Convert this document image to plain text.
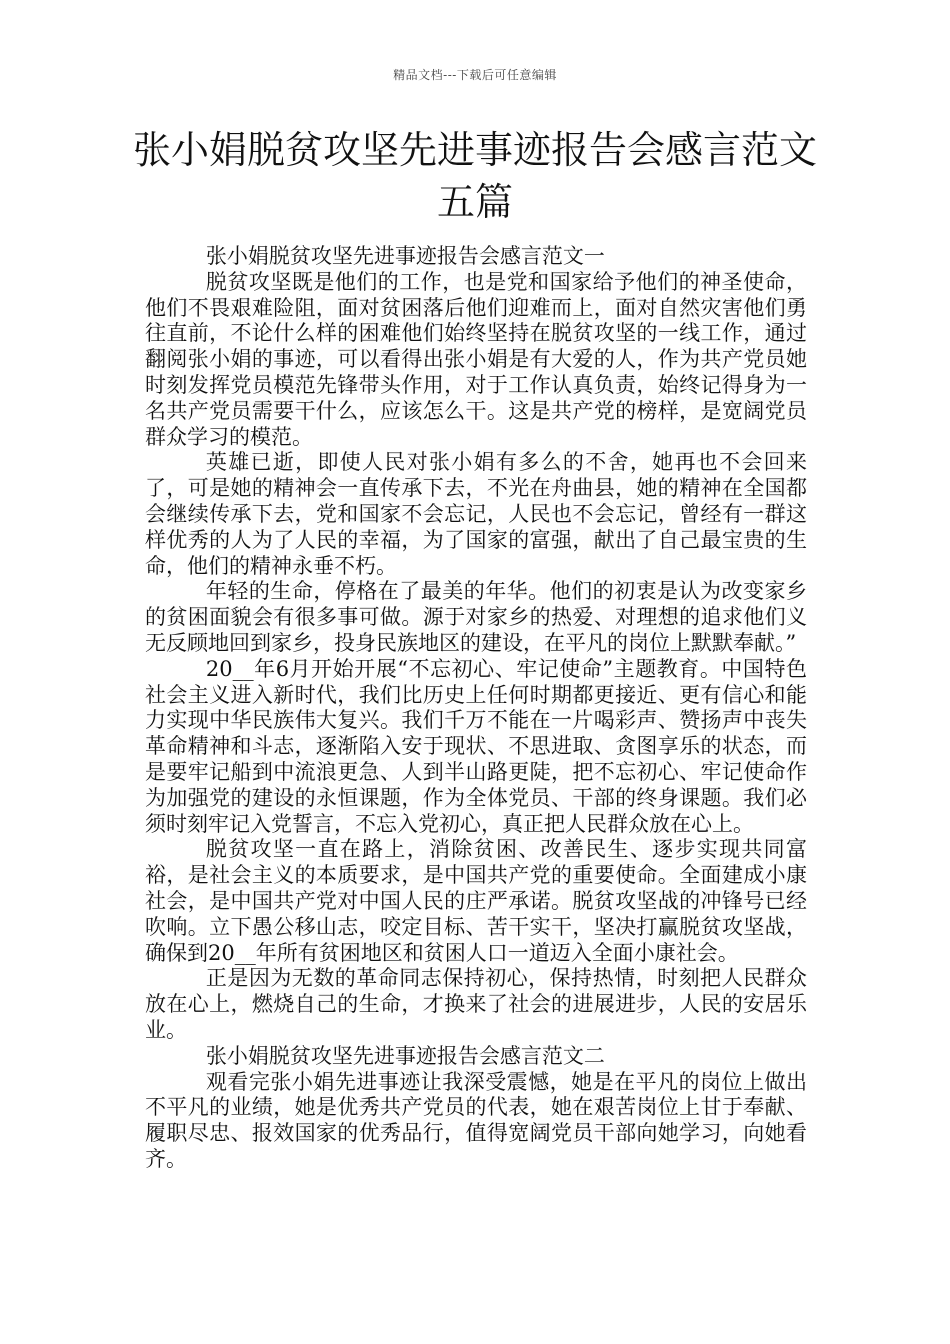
精品文档---下载后可任意编辑
张小娟脱贫攻坚先进事迹报告会感言范文
五篇

张小娟脱贫攻坚先进事迹报告会感言范文一

脱贫攻坚既是他们的工作，也是党和国家给予他们的神圣使命，他们不畏艰难险阻，面对贫困落后他们迎难而上，面对自然灾害他们勇往直前，不论什么样的困难他们始终坚持在脱贫攻坚的一线工作，通过翻阅张小娟的事迹，可以看得出张小娟是有大爱的人，作为共产党员她时刻发挥党员模范先锋带头作用，对于工作认真负责，始终记得身为一名共产党员需要干什么，应该怎么干。这是共产党的榜样，是宽阔党员群众学习的模范。

英雄已逝，即使人民对张小娟有多么的不舍，她再也不会回来了，可是她的精神会一直传承下去，不光在舟曲县，她的精神在全国都会继续传承下去，党和国家不会忘记，人民也不会忘记，曾经有一群这样优秀的人为了人民的幸福，为了国家的富强，献出了自己最宝贵的生命，他们的精神永垂不朽。

年轻的生命，停格在了最美的年华。他们的初衷是认为改变家乡的贫困面貌会有很多事可做。源于对家乡的热爱、对理想的追求他们义无反顾地回到家乡，投身民族地区的建设，在平凡的岗位上默默奉献。”

20__年6月开始开展“不忘初心、牢记使命”主题教育。中国特色社会主义进入新时代，我们比历史上任何时期都更接近、更有信心和能力实现中华民族伟大复兴。我们千万不能在一片喝彩声、赞扬声中丧失革命精神和斗志，逐渐陷入安于现状、不思进取、贪图享乐的状态，而是要牢记船到中流浪更急、人到半山路更陡，把不忘初心、牢记使命作为加强党的建设的永恒课题，作为全体党员、干部的终身课题。我们必须时刻牢记入党誓言，不忘入党初心，真正把人民群众放在心上。

脱贫攻坚一直在路上，消除贫困、改善民生、逐步实现共同富裕，是社会主义的本质要求，是中国共产党的重要使命。全面建成小康社会，是中国共产党对中国人民的庄严承诺。脱贫攻坚战的冲锋号已经吹响。立下愚公移山志，咬定目标、苦干实干，坚决打赢脱贫攻坚战，确保到20__年所有贫困地区和贫困人口一道迈入全面小康社会。

正是因为无数的革命同志保持初心，保持热情，时刻把人民群众放在心上，燃烧自己的生命，才换来了社会的进展进步，人民的安居乐业。

张小娟脱贫攻坚先进事迹报告会感言范文二

观看完张小娟先进事迹让我深受震憾，她是在平凡的岗位上做出不平凡的业绩，她是优秀共产党员的代表，她在艰苦岗位上甘于奉献、履职尽忠、报效国家的优秀品行，值得宽阔党员干部向她学习，向她看齐。
